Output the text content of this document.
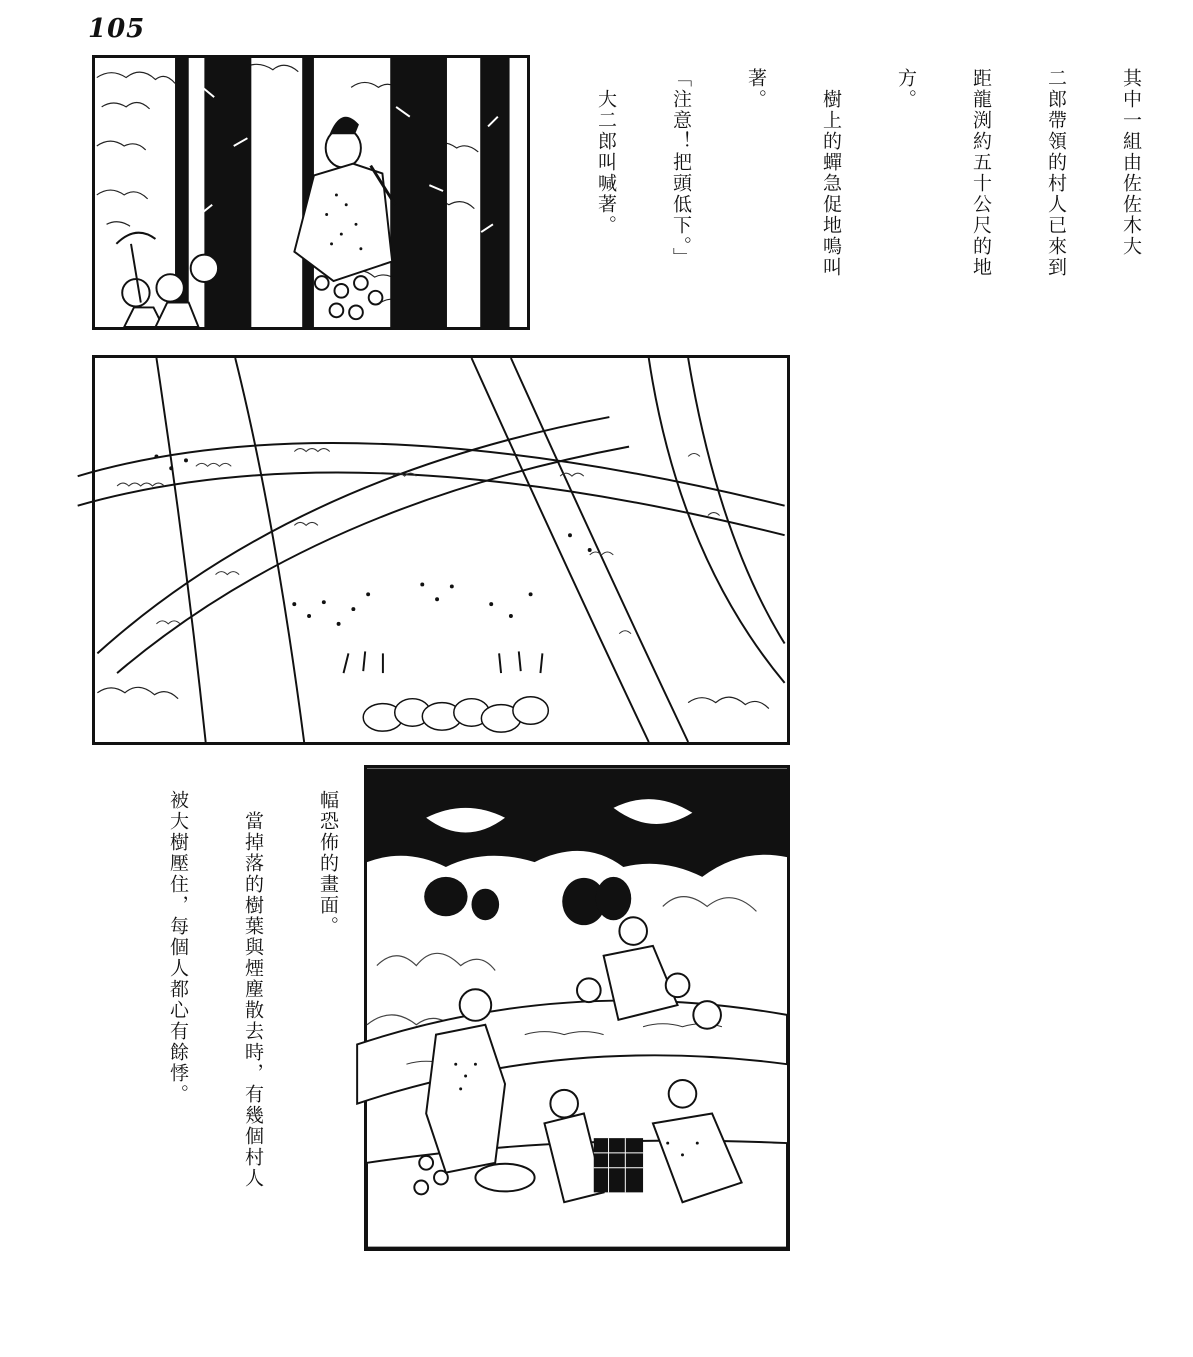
105

其中一組由佐佐木大

二郎帶領的村人已來到

距龍渕約五十公尺的地

方。

　樹上的蟬急促地鳴叫

著。

「注意！把頭低下。」

　大二郎叫喊著。

幅恐佈的畫面。

　當掉落的樹葉與煙塵散去時，有幾個村人

被大樹壓住，每個人都心有餘悸。
